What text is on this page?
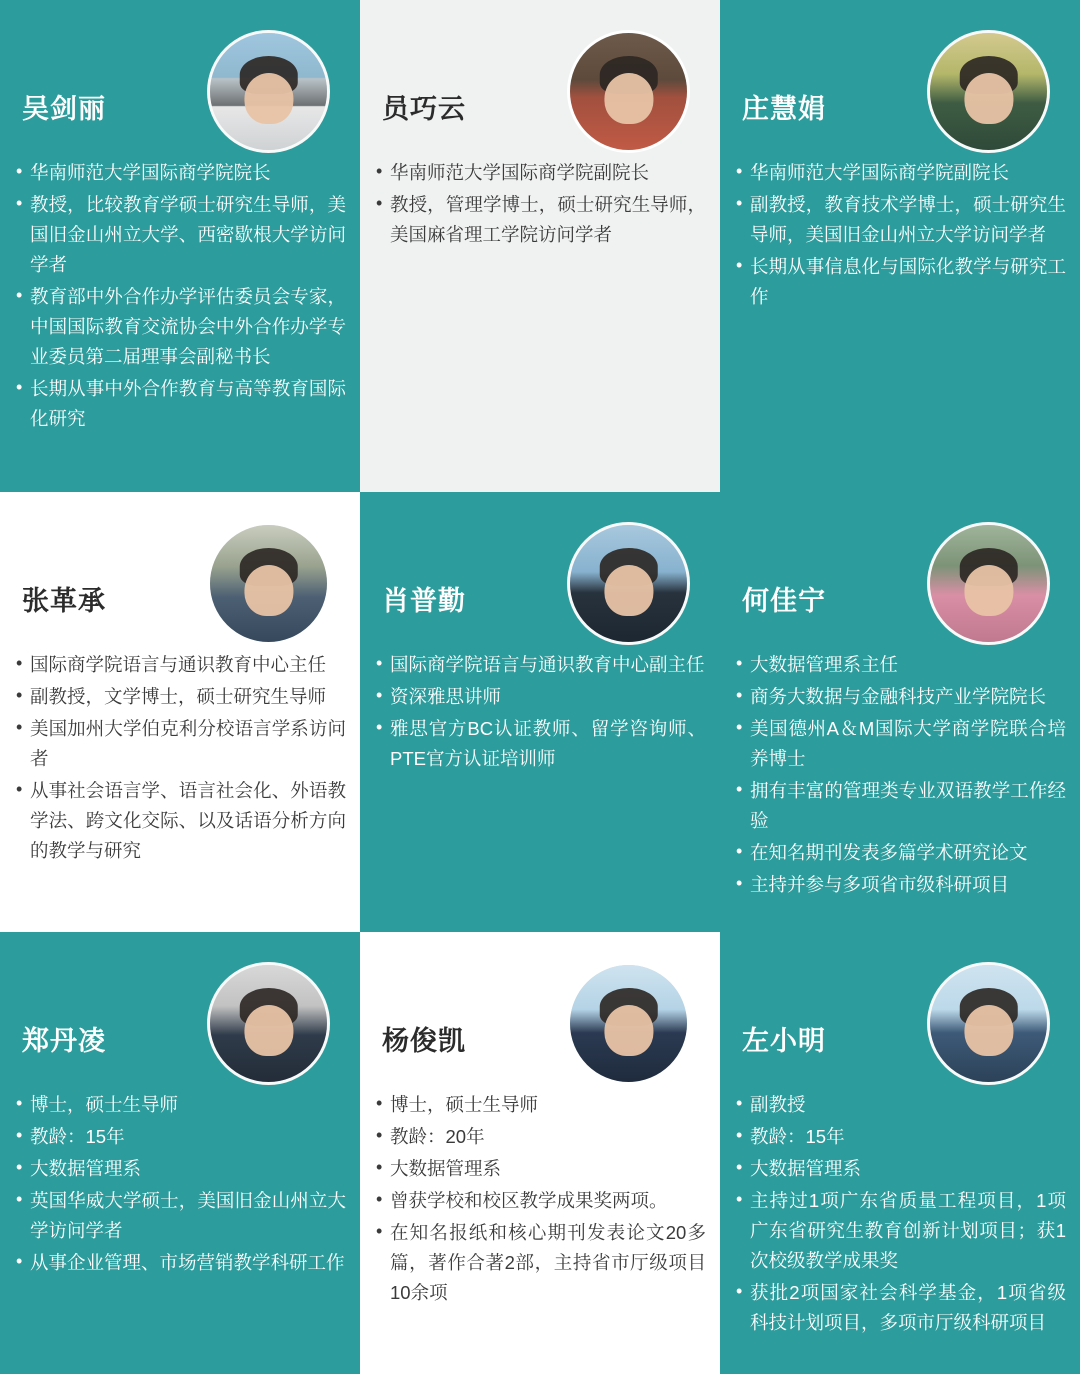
吴剑丽
• 华南师范大学国际商学院院长
• 教授，比较教育学硕士研究生导师，美国旧金山州立大学、西密歇根大学访问学者
• 教育部中外合作办学评估委员会专家，中国国际教育交流协会中外合作办学专业委员第二届理事会副秘书长
• 长期从事中外合作教育与高等教育国际化研究
员巧云
• 华南师范大学国际商学院副院长
• 教授，管理学博士，硕士研究生导师，美国麻省理工学院访问学者
庄慧娟
• 华南师范大学国际商学院副院长
• 副教授，教育技术学博士，硕士研究生导师，美国旧金山州立大学访问学者
• 长期从事信息化与国际化教学与研究工作
张革承
• 国际商学院语言与通识教育中心主任
• 副教授，文学博士，硕士研究生导师
• 美国加州大学伯克利分校语言学系访问者
• 从事社会语言学、语言社会化、外语教学法、跨文化交际、以及话语分析方向的教学与研究
肖普勤
• 国际商学院语言与通识教育中心副主任
• 资深雅思讲师
• 雅思官方BC认证教师、留学咨询师、PTE官方认证培训师
何佳宁
• 大数据管理系主任
• 商务大数据与金融科技产业学院院长
• 美国德州A＆M国际大学商学院联合培养博士
• 拥有丰富的管理类专业双语教学工作经验
• 在知名期刊发表多篇学术研究论文
• 主持并参与多项省市级科研项目
郑丹凌
• 博士，硕士生导师
• 教龄：15年
• 大数据管理系
• 英国华威大学硕士，美国旧金山州立大学访问学者
• 从事企业管理、市场营销教学科研工作
杨俊凯
• 博士，硕士生导师
• 教龄：20年
• 大数据管理系
• 曾获学校和校区教学成果奖两项。
• 在知名报纸和核心期刊发表论文20多篇，著作合著2部，主持省市厅级项目10余项
左小明
• 副教授
• 教龄：15年
• 大数据管理系
• 主持过1项广东省质量工程项目，1项广东省研究生教育创新计划项目；获1次校级教学成果奖
• 获批2项国家社会科学基金，1项省级科技计划项目，多项市厅级科研项目
